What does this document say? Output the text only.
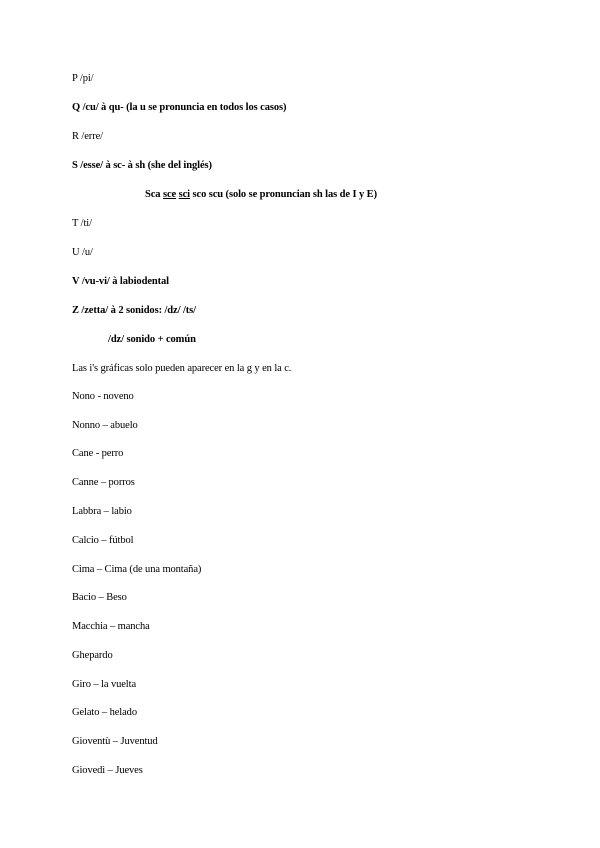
P /pi/
Q /cu/ à qu- (la u se pronuncia en todos los casos)
R /erre/
S /esse/ à sc- à sh (she del inglés)
Sca sce sci sco scu (solo se pronuncian sh las de I y E)
T /ti/
U /u/
V /vu-vi/ à labiodental
Z /zetta/ à 2 sonidos: /dz/ /ts/
/dz/ sonido + común
Las i's gráficas solo pueden aparecer en la g y en la c.
Nono - noveno
Nonno – abuelo
Cane - perro
Canne – porros
Labbra – labio
Calcio – fútbol
Cima – Cima (de una montaña)
Bacio – Beso
Macchia – mancha
Ghepardo
Giro – la vuelta
Gelato – helado
Gioventù – Juventud
Giovedì – Jueves
